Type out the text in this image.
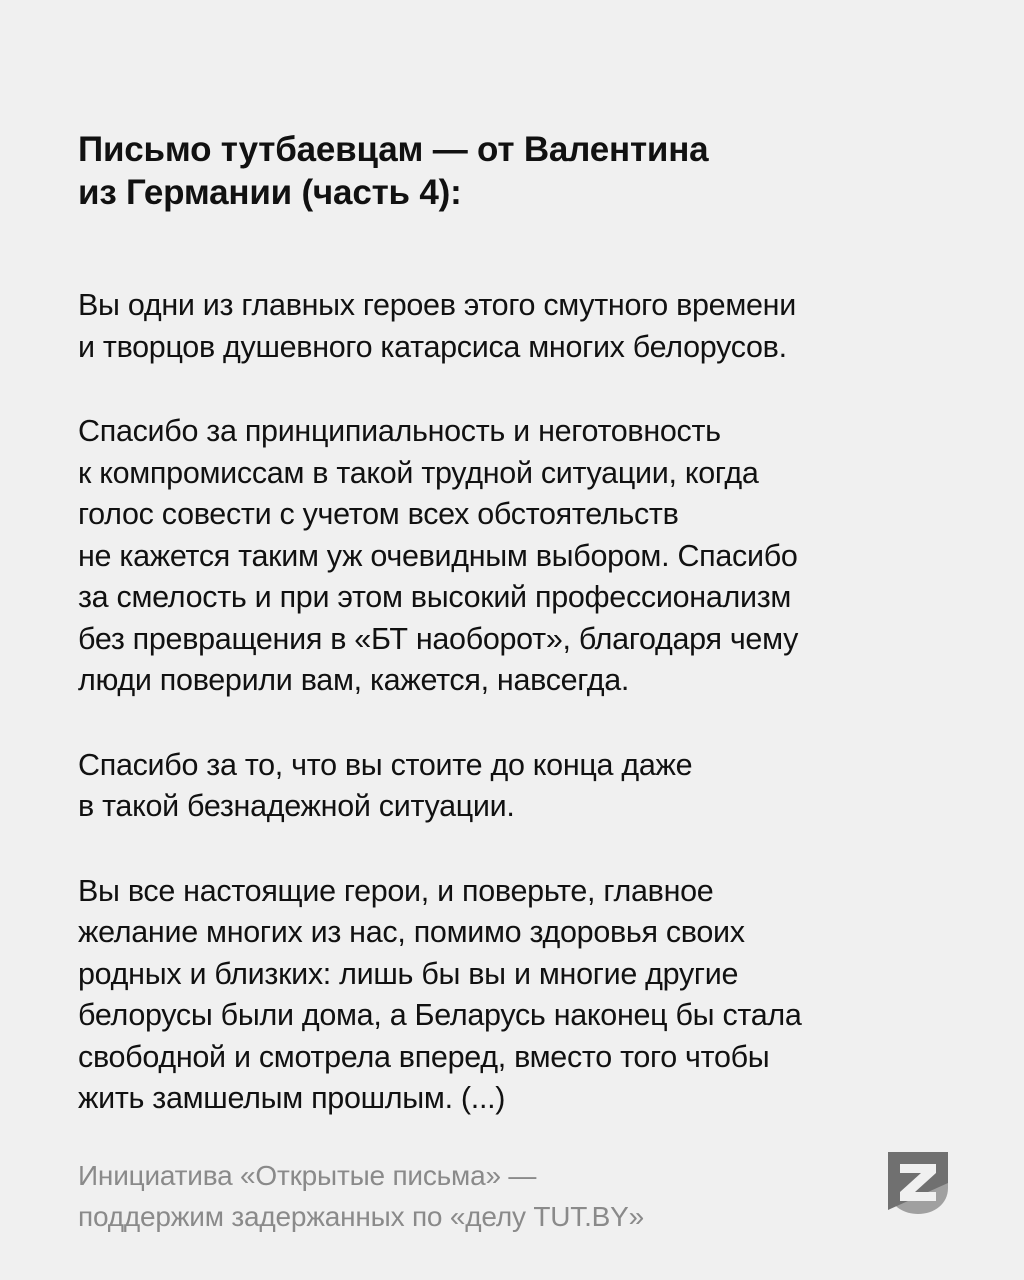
Письмо тутбаевцам — от Валентина
из Германии (часть 4):

Вы одни из главных героев этого смутного времени
и творцов душевного катарсиса многих белорусов.

Спасибо за принципиальность и неготовность
к компромиссам в такой трудной ситуации, когда
голос совести с учетом всех обстоятельств
не кажется таким уж очевидным выбором. Спасибо
за смелость и при этом высокий профессионализм
без превращения в «БТ наоборот», благодаря чему
люди поверили вам, кажется, навсегда.

Спасибо за то, что вы стоите до конца даже
в такой безнадежной ситуации.

Вы все настоящие герои, и поверьте, главное
желание многих из нас, помимо здоровья своих
родных и близких: лишь бы вы и многие другие
белорусы были дома, а Беларусь наконец бы стала
свободной и смотрела вперед, вместо того чтобы
жить замшелым прошлым. (...)

Инициатива «Открытые письма» —
поддержим задержанных по «делу TUT.BY»
